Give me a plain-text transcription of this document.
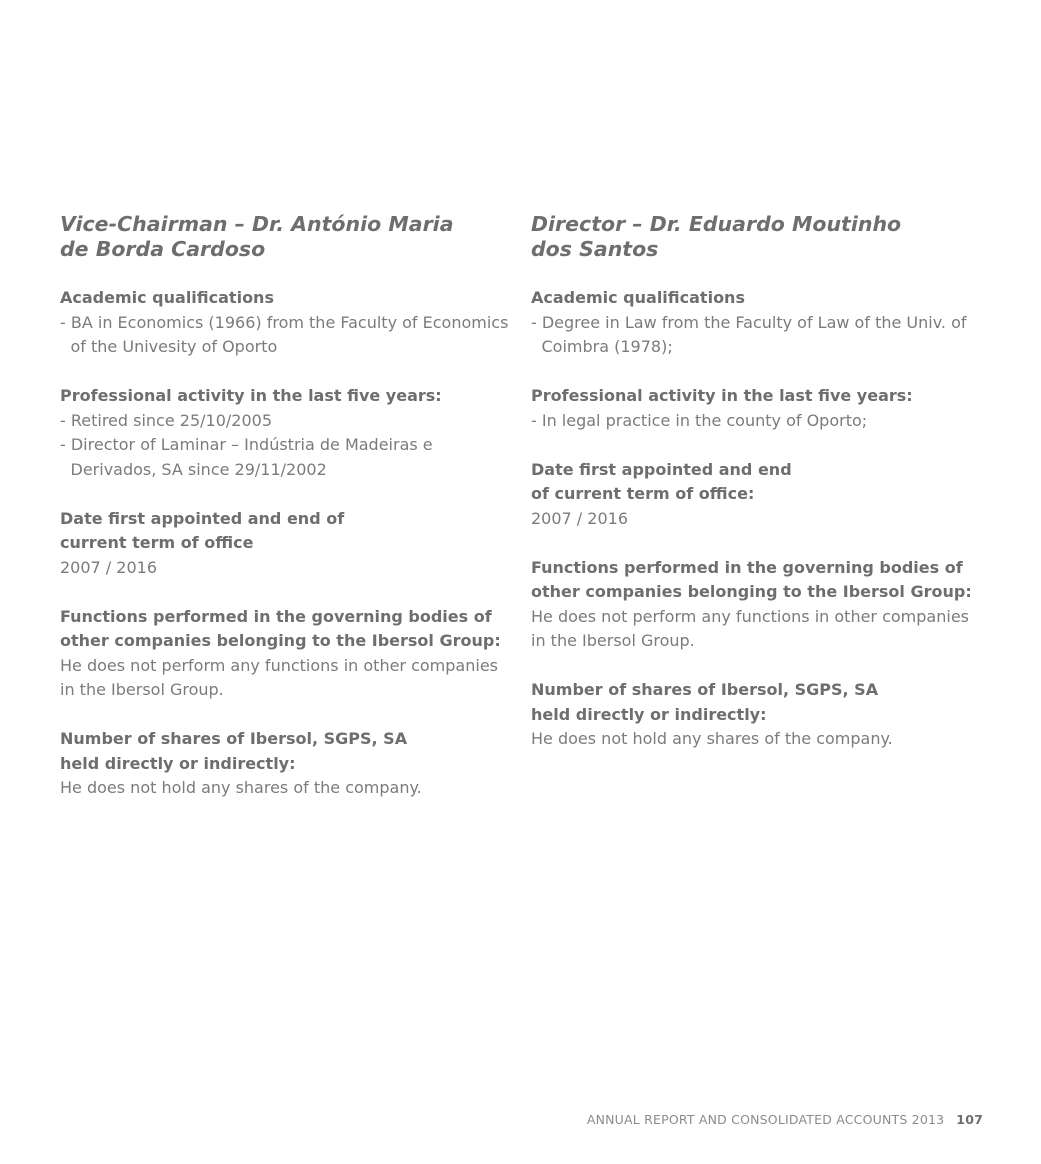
Vice-Chairman – Dr. António Maria
de Borda Cardoso
Academic qualifications
- BA in Economics (1966) from the Faculty of Economics of the Univesity of Oporto
Professional activity in the last five years:
- Retired since 25/10/2005
- Director of Laminar – Indústria de Madeiras e Derivados, SA since 29/11/2002
Date first appointed and end of
current term of office
2007 / 2016
Functions performed in the governing bodies of
other companies belonging to the Ibersol Group:
He does not perform any functions in other companies in the Ibersol Group.
Number of shares of Ibersol, SGPS, SA
held directly or indirectly:
He does not hold any shares of the company.
Director – Dr. Eduardo Moutinho
dos Santos
Academic qualifications
- Degree in Law from the Faculty of Law of the Univ. of Coimbra (1978);
Professional activity in the last five years:
- In legal practice in the county of Oporto;
Date first appointed and end
of current term of office:
2007 / 2016
Functions performed in the governing bodies of
other companies belonging to the Ibersol Group:
He does not perform any functions in other companies in the Ibersol Group.
Number of shares of Ibersol, SGPS, SA
held directly or indirectly:
He does not hold any shares of the company.
ANNUAL REPORT AND CONSOLIDATED ACCOUNTS 2013 107
